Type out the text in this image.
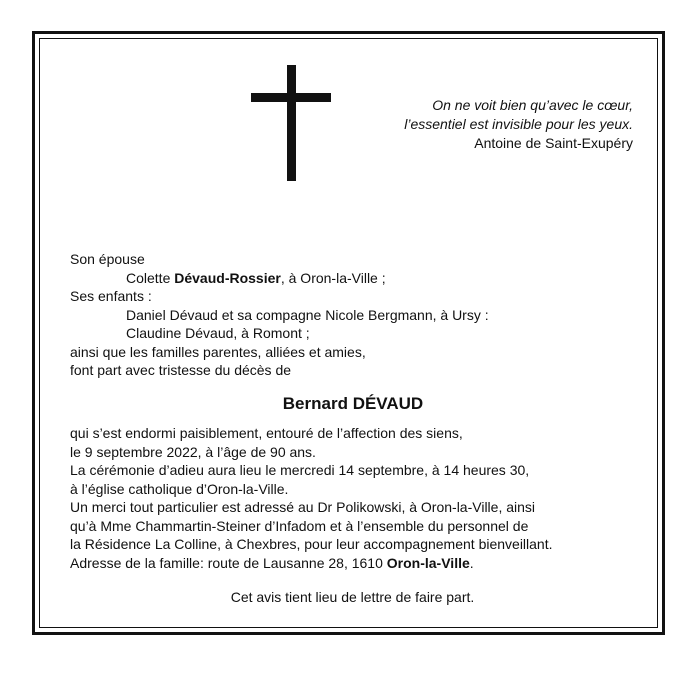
On ne voit bien qu’avec le cœur,
l’essentiel est invisible pour les yeux.
Antoine de Saint-Exupéry
Son épouse
Colette Dévaud-Rossier, à Oron-la-Ville ;
Ses enfants :
Daniel Dévaud et sa compagne Nicole Bergmann, à Ursy :
Claudine Dévaud, à Romont ;
ainsi que les familles parentes, alliées et amies,
font part avec tristesse du décès de
Bernard DÉVAUD
qui s’est endormi paisiblement, entouré de l’affection des siens,
le 9 septembre 2022, à l’âge de 90 ans.
La cérémonie d’adieu aura lieu le mercredi 14 septembre, à 14 heures 30,
à l’église catholique d’Oron-la-Ville.
Un merci tout particulier est adressé au Dr Polikowski, à Oron-la-Ville, ainsi
qu’à Mme Chammartin-Steiner d’Infadom et à l’ensemble du personnel de
la Résidence La Colline, à Chexbres, pour leur accompagnement bienveillant.
Adresse de la famille: route de Lausanne 28, 1610 Oron-la-Ville.
Cet avis tient lieu de lettre de faire part.
